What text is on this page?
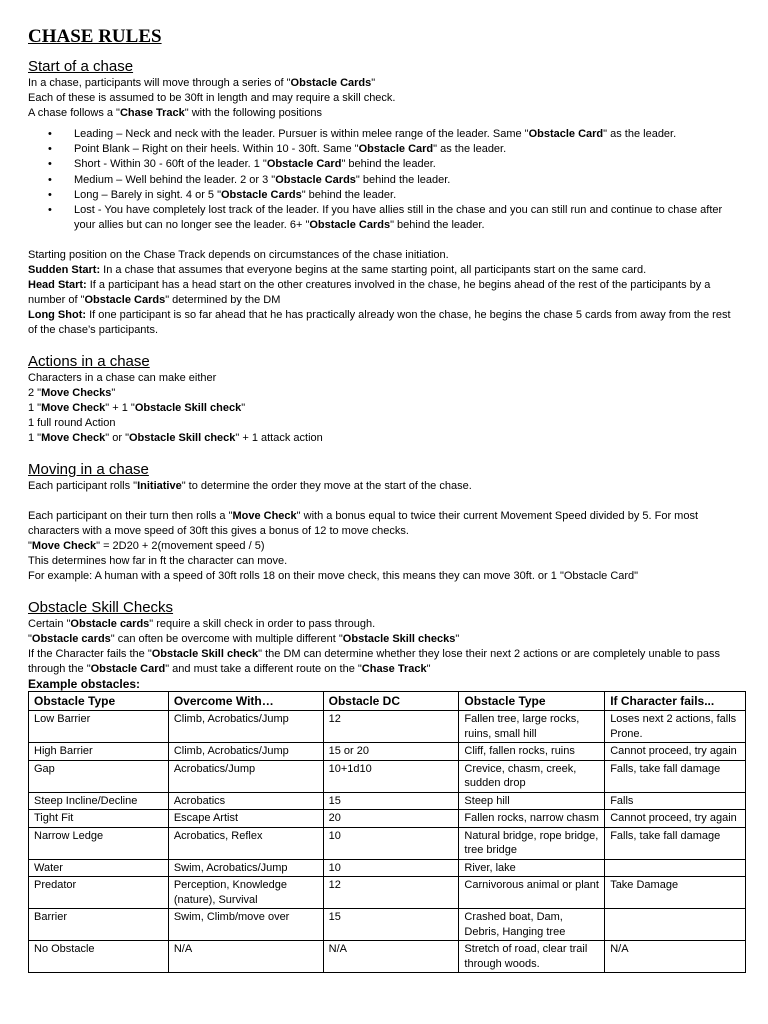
CHASE RULES
Start of a chase
In a chase, participants will move through a series of "Obstacle Cards"
Each of these is assumed to be 30ft in length and may require a skill check.
A chase follows a "Chase Track" with the following positions
• Leading – Neck and neck with the leader. Pursuer is within melee range of the leader. Same "Obstacle Card" as the leader.
• Point Blank – Right on their heels. Within 10 - 30ft. Same "Obstacle Card" as the leader.
• Short - Within 30 - 60ft of the leader. 1 "Obstacle Card" behind the leader.
• Medium – Well behind the leader. 2 or 3 "Obstacle Cards" behind the leader.
• Long – Barely in sight. 4 or 5 "Obstacle Cards" behind the leader.
• Lost - You have completely lost track of the leader. If you have allies still in the chase and you can still run and continue to chase after your allies but can no longer see the leader. 6+ "Obstacle Cards" behind the leader.
Starting position on the Chase Track depends on circumstances of the chase initiation.
Sudden Start: In a chase that assumes that everyone begins at the same starting point, all participants start on the same card.
Head Start: If a participant has a head start on the other creatures involved in the chase, he begins ahead of the rest of the participants by a number of "Obstacle Cards" determined by the DM
Long Shot: If one participant is so far ahead that he has practically already won the chase, he begins the chase 5 cards from away from the rest of the chase’s participants.
Actions in a chase
Characters in a chase can make either
2 "Move Checks"
1 "Move Check" + 1 "Obstacle Skill check"
1 full round Action
1 "Move Check" or "Obstacle Skill check" + 1 attack action
Moving in a chase
Each participant rolls "Initiative" to determine the order they move at the start of the chase.
Each participant on their turn then rolls a "Move Check" with a bonus equal to twice their current Movement Speed divided by 5. For most characters with a move speed of 30ft this gives a bonus of 12 to move checks.
"Move Check" = 2D20 + 2(movement speed / 5)
This determines how far in ft the character can move.
For example: A human with a speed of 30ft rolls 18 on their move check, this means they can move 30ft. or 1 "Obstacle Card"
Obstacle Skill Checks
Certain "Obstacle cards" require a skill check in order to pass through.
"Obstacle cards" can often be overcome with multiple different "Obstacle Skill checks"
If the Character fails the "Obstacle Skill check" the DM can determine whether they lose their next 2 actions or are completely unable to pass through the "Obstacle Card" and must take a different route on the "Chase Track"
Example obstacles:
Obstacle Type	Overcome With…	Obstacle DC	Obstacle Type	If Character fails...
Low Barrier	Climb, Acrobatics/Jump	12	Fallen tree, large rocks, ruins, small hill	Loses next 2 actions, falls Prone.
High Barrier	Climb, Acrobatics/Jump	15 or 20	Cliff, fallen rocks, ruins	Cannot proceed, try again
Gap	Acrobatics/Jump	10+1d10	Crevice, chasm, creek, sudden drop	Falls, take fall damage
Steep Incline/Decline	Acrobatics	15	Steep hill	Falls
Tight Fit	Escape Artist	20	Fallen rocks, narrow chasm	Cannot proceed, try again
Narrow Ledge	Acrobatics, Reflex	10	Natural bridge, rope bridge, tree bridge	Falls, take fall damage
Water	Swim, Acrobatics/Jump	10	River, lake	
Predator	Perception, Knowledge (nature), Survival	12	Carnivorous animal or plant	Take Damage
Barrier	Swim, Climb/move over	15	Crashed boat, Dam, Debris, Hanging tree	
No Obstacle	N/A	N/A	Stretch of road, clear trail through woods.	N/A
